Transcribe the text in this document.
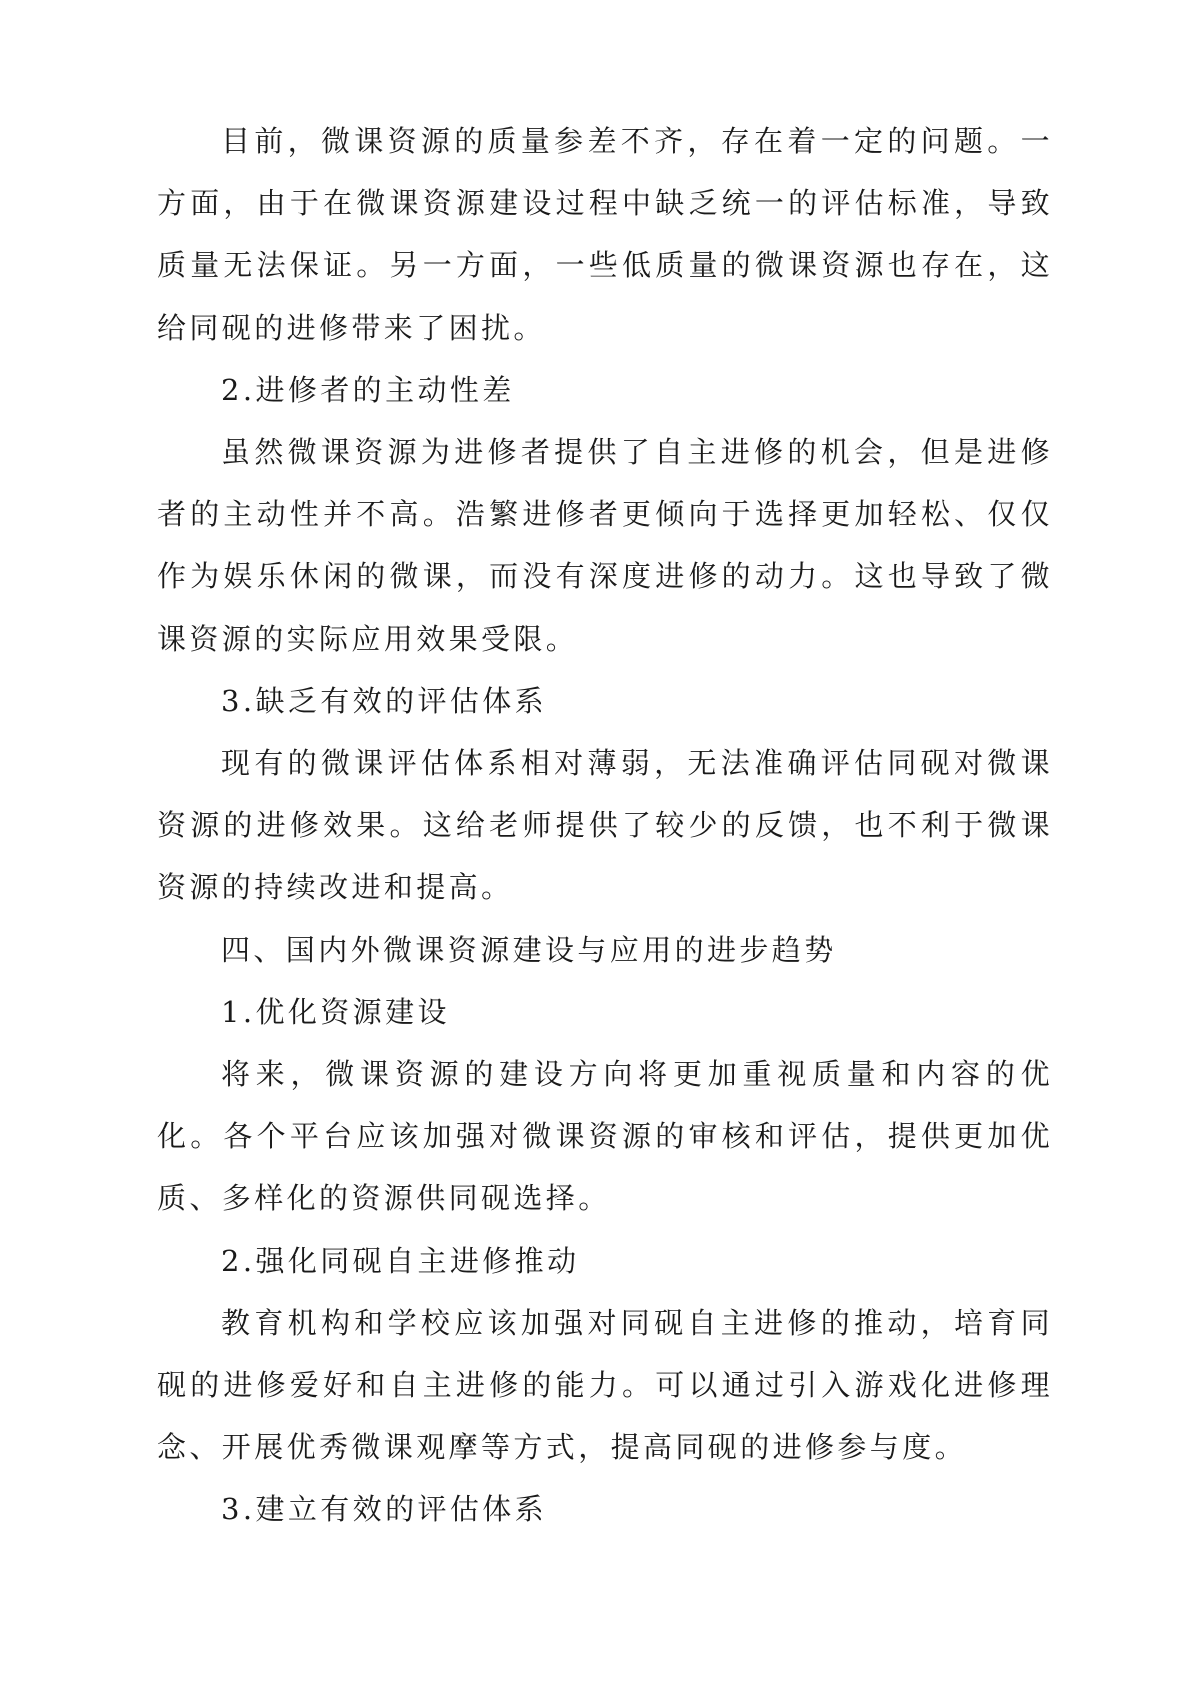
目前，微课资源的质量参差不齐，存在着一定的问题。一方面，由于在微课资源建设过程中缺乏统一的评估标准，导致质量无法保证。另一方面，一些低质量的微课资源也存在，这给同砚的进修带来了困扰。

2.进修者的主动性差

虽然微课资源为进修者提供了自主进修的机会，但是进修者的主动性并不高。浩繁进修者更倾向于选择更加轻松、仅仅作为娱乐休闲的微课，而没有深度进修的动力。这也导致了微课资源的实际应用效果受限。

3.缺乏有效的评估体系

现有的微课评估体系相对薄弱，无法准确评估同砚对微课资源的进修效果。这给老师提供了较少的反馈，也不利于微课资源的持续改进和提高。

四、国内外微课资源建设与应用的进步趋势

1.优化资源建设

将来，微课资源的建设方向将更加重视质量和内容的优化。各个平台应该加强对微课资源的审核和评估，提供更加优质、多样化的资源供同砚选择。

2.强化同砚自主进修推动

教育机构和学校应该加强对同砚自主进修的推动，培育同砚的进修爱好和自主进修的能力。可以通过引入游戏化进修理念、开展优秀微课观摩等方式，提高同砚的进修参与度。

3.建立有效的评估体系
